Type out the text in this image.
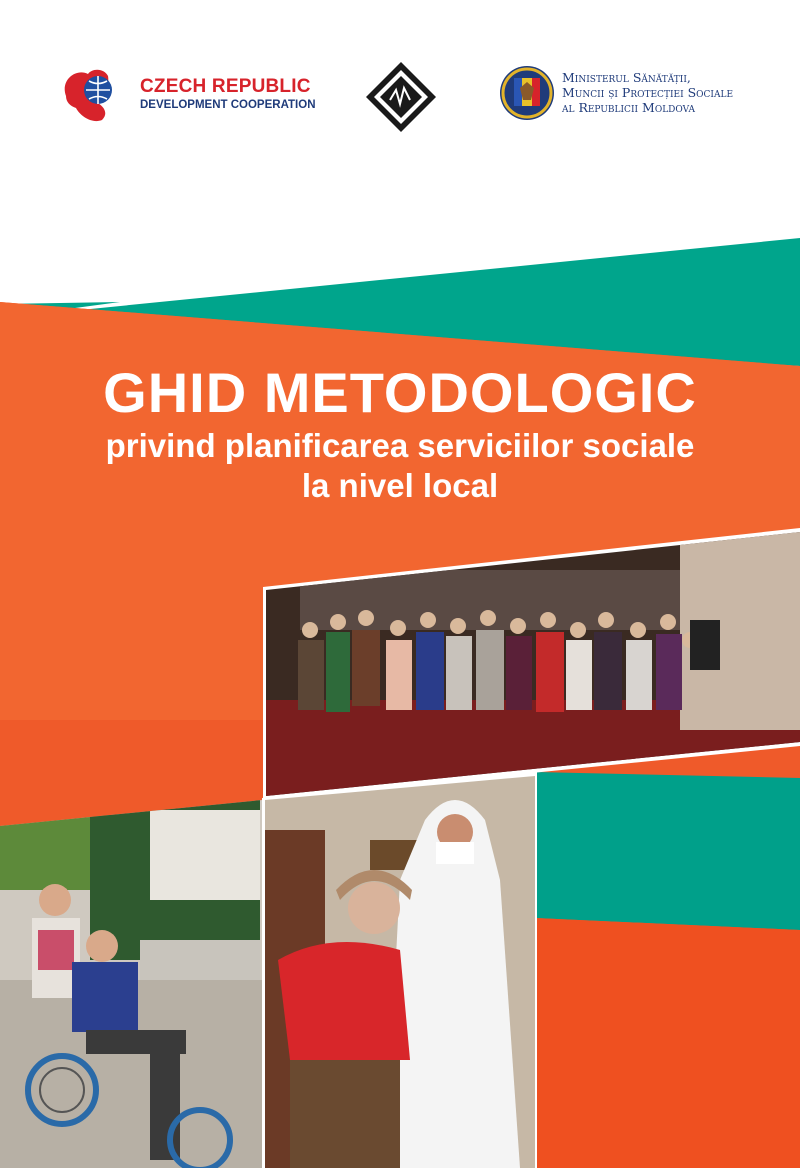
CZECH REPUBLIC
DEVELOPMENT COOPERATION
Ministerul Sănătății,
Muncii și Protecției Sociale
al Republicii Moldova
GHID METODOLOGIC
privind planificarea serviciilor sociale
la nivel local
